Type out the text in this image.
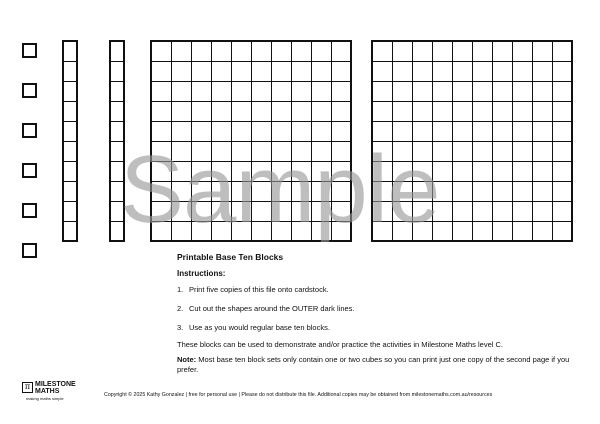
Sample
Printable Base Ten Blocks
Instructions:
1. Print five copies of this file onto cardstock.
2. Cut out the shapes around the OUTER dark lines.
3. Use as you would regular base ten blocks.
These blocks can be used to demonstrate and/or practice the activities in Milestone Maths level C.
Note: Most base ten block sets only contain one or two cubes so you can print just one copy of the second page if you prefer.
π MILESTONE
MATHS
making maths simple
Copyright © 2025 Kathy Gonzalez | free for personal use | Please do not distribute this file. Additional copies may be obtained from milestonemaths.com.au/resources
